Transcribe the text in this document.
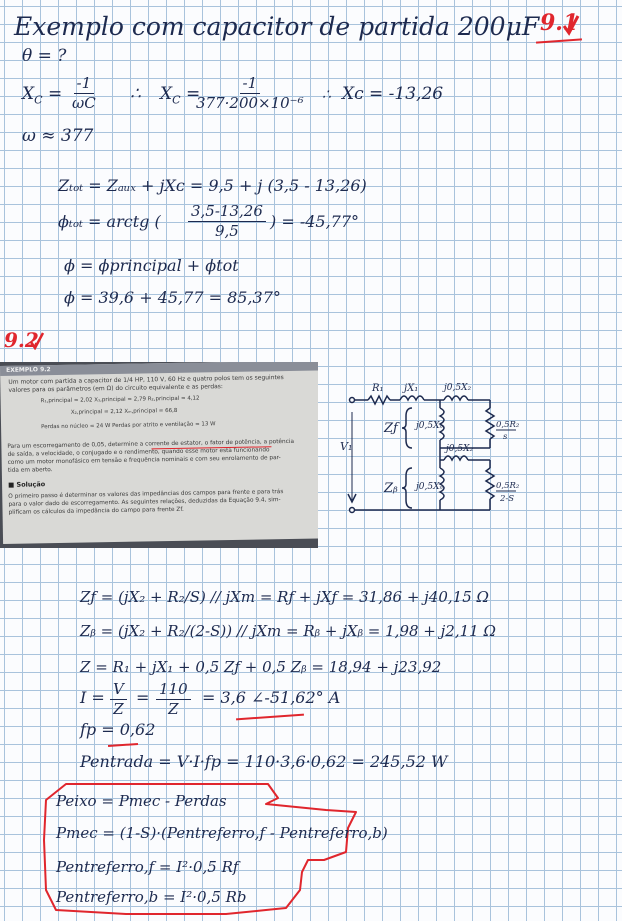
Exemplo com capacitor de partida 200μF 9.1
θ = ?
$X_C = \frac{-1}{\omega C}$ ∴ $X_C$ =
$\frac{-1}{\text{377·200×10⁻⁶}}$ ∴ Xᴄ = -13,26
ω ≈ 377
Zₜₒₜ = Zₐᵤₓ + jXᴄ = 9,5 + j (3,5 - 13,26)
ϕₜₒₜ = arctg ( $\frac{3,5-13,26}{9,5}$ ) = -45,77°
ϕ = ϕprincipal + ϕtot
ϕ = 39,6 + 45,77 = 85,37°
9.2
EXEMPLO 9.2
Um motor com partida a capacitor de 1/4 HP, 110 V, 60 Hz e quatro polos tem os seguintes
valores para os parâmetros (em Ω) do circuito equivalente e as perdas:
R₁,principal = 2,02 X₁,principal = 2,79 R₂,principal = 4,12
X₂,principal = 2,12 Xₘ,principal = 66,8
Perdas no núcleo = 24 W Perdas por atrito e ventilação = 13 W
Para um escorregamento de 0,05, determine a corrente de estator, o fator de potência, a potência
de saída, a velocidade, o conjugado e o rendimento, quando esse motor está funcionando
como um motor monofásico em tensão e frequência nominais e com seu enrolamento de par-
tida em aberto.
■ Solução
O primeiro passo é determinar os valores das impedâncias dos campos para frente e para trás
para o valor dado de escorregamento. As seguintes relações, deduzidas da Equação 9.4, sim-
plificam os cálculos da impedância do campo para frente Zf.
R₁ jX₁	j0,5X₂
j0,5Xₘ	0,5R₂
s
Zƒ
V₁	j0,5X₂
Zᵦ j0,5Xₘ	0,5R₂
2-S
Zƒ = (jX₂ + R₂/S) // jXm = Rƒ + jXƒ = 31,86 + j40,15 Ω
Zᵦ = (jX₂ + R₂/(2-S)) // jXm = Rᵦ + jXᵦ = 1,98 + j2,11 Ω
Z = R₁ + jX₁ + 0,5 Zƒ + 0,5 Zᵦ = 18,94 + j23,92
$I = \frac{V}{Z} = \frac{110}{Z} = 3,6$ ∠-51,62° A
fp = 0,62
Pentrada = V·I·fp = 110·3,6·0,62 = 245,52 W
Peixo = Pmec - Perdas
Pmec = (1-S)·(Pentreferro,f - Pentreferro,b)
Pentreferro,f = I²·0,5 Rf
Pentreferro,b = I²·0,5 Rb
